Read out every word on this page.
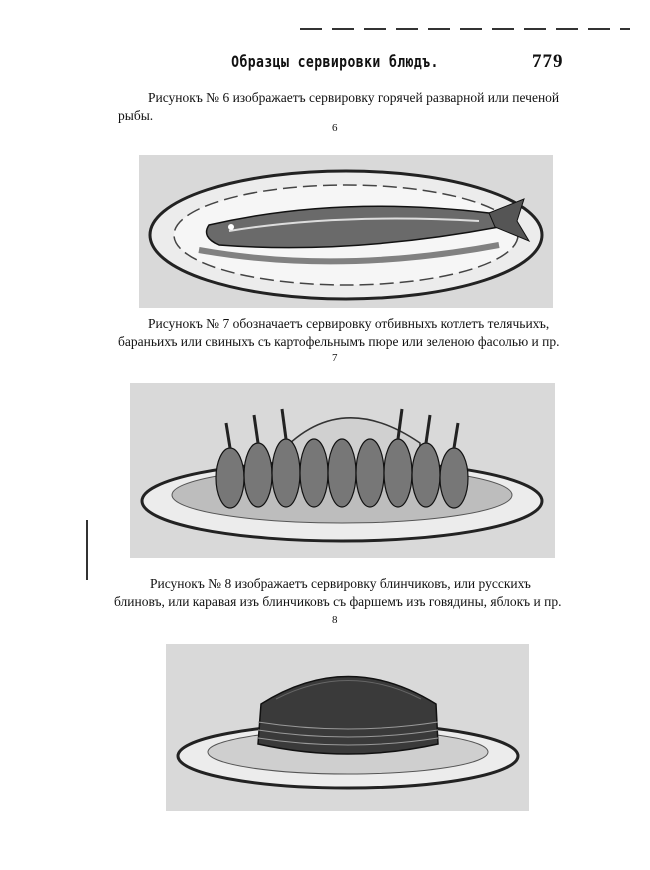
Образцы сервировки блюдъ.	779
Рисунокъ № 6 изображаетъ сервировку горячей разварной или печеной рыбы.
6
Рисунокъ № 7 обозначаетъ сервировку отбивныхъ котлетъ телячьихъ, бараньихъ или свиныхъ съ картофельнымъ пюре или зеленою фасолью и пр.
7
Рисунокъ № 8 изображаетъ сервировку блинчиковъ, или русскихъ блиновъ, или каравая изъ блинчиковъ съ фаршемъ изъ говядины, яблокъ и пр.
8
